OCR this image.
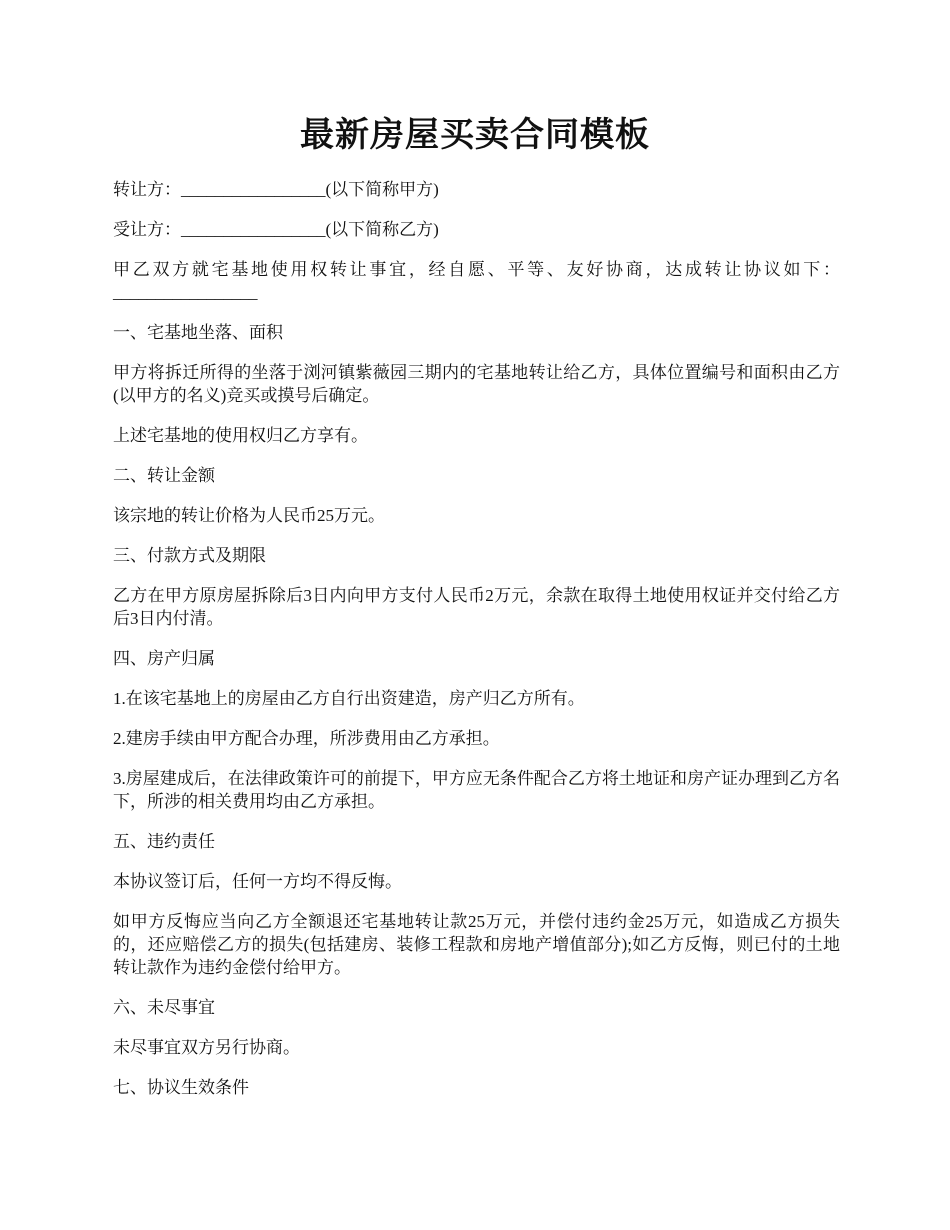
最新房屋买卖合同模板

转让方：_________________(以下简称甲方)

受让方：_________________(以下简称乙方)

甲乙双方就宅基地使用权转让事宜，经自愿、平等、友好协商，达成转让协议如下：_________________

一、宅基地坐落、面积

甲方将拆迁所得的坐落于浏河镇紫薇园三期内的宅基地转让给乙方，具体位置编号和面积由乙方(以甲方的名义)竞买或摸号后确定。

上述宅基地的使用权归乙方享有。

二、转让金额

该宗地的转让价格为人民币25万元。

三、付款方式及期限

乙方在甲方原房屋拆除后3日内向甲方支付人民币2万元，余款在取得土地使用权证并交付给乙方后3日内付清。

四、房产归属

1.在该宅基地上的房屋由乙方自行出资建造，房产归乙方所有。

2.建房手续由甲方配合办理，所涉费用由乙方承担。

3.房屋建成后，在法律政策许可的前提下，甲方应无条件配合乙方将土地证和房产证办理到乙方名下，所涉的相关费用均由乙方承担。

五、违约责任

本协议签订后，任何一方均不得反悔。

如甲方反悔应当向乙方全额退还宅基地转让款25万元，并偿付违约金25万元，如造成乙方损失的，还应赔偿乙方的损失(包括建房、装修工程款和房地产增值部分);如乙方反悔，则已付的土地转让款作为违约金偿付给甲方。

六、未尽事宜

未尽事宜双方另行协商。

七、协议生效条件
